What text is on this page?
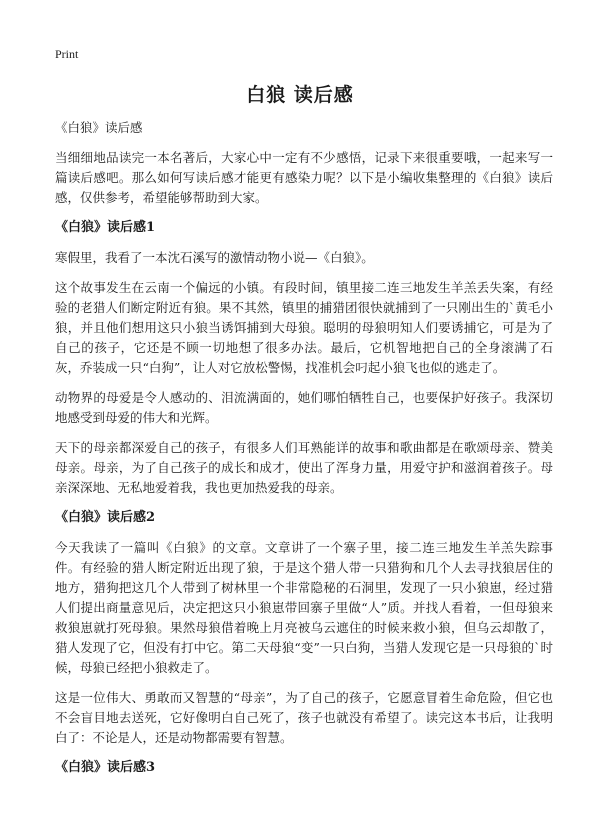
Print
白狼 读后感

《白狼》读后感

当细细地品读完一本名著后，大家心中一定有不少感悟，记录下来很重要哦，一起来写一篇读后感吧。那么如何写读后感才能更有感染力呢？以下是小编收集整理的《白狼》读后感，仅供参考，希望能够帮助到大家。

《白狼》读后感1

寒假里，我看了一本沈石溪写的激情动物小说—《白狼》。

这个故事发生在云南一个偏远的小镇。有段时间，镇里接二连三地发生羊羔丢失案，有经验的老猎人们断定附近有狼。果不其然，镇里的捕猎团很快就捕到了一只刚出生的`黄毛小狼，并且他们想用这只小狼当诱饵捕到大母狼。聪明的母狼明知人们要诱捕它，可是为了自己的孩子，它还是不顾一切地想了很多办法。最后，它机智地把自己的全身滚满了石灰，乔装成一只“白狗”，让人对它放松警惕，找准机会叼起小狼飞也似的逃走了。

动物界的母爱是令人感动的、泪流满面的，她们哪怕牺牲自己，也要保护好孩子。我深切地感受到母爱的伟大和光辉。

天下的母亲都深爱自己的孩子，有很多人们耳熟能详的故事和歌曲都是在歌颂母亲、赞美母亲。母亲，为了自己孩子的成长和成才，使出了浑身力量，用爱守护和滋润着孩子。母亲深深地、无私地爱着我，我也更加热爱我的母亲。

《白狼》读后感2

今天我读了一篇叫《白狼》的文章。文章讲了一个寨子里，接二连三地发生羊羔失踪事件。有经验的猎人断定附近出现了狼，于是这个猎人带一只猎狗和几个人去寻找狼居住的地方，猎狗把这几个人带到了树林里一个非常隐秘的石洞里，发现了一只小狼崽，经过猎人们提出商量意见后，决定把这只小狼崽带回寨子里做“人”质。并找人看着，一但母狼来救狼崽就打死母狼。果然母狼借着晚上月亮被乌云遮住的时候来救小狼，但乌云却散了，猎人发现了它，但没有打中它。第二天母狼“变”一只白狗，当猎人发现它是一只母狼的`时候，母狼已经把小狼救走了。

这是一位伟大、勇敢而又智慧的“母亲”，为了自己的孩子，它愿意冒着生命危险，但它也不会盲目地去送死，它好像明白自己死了，孩子也就没有希望了。读完这本书后，让我明白了：不论是人，还是动物都需要有智慧。

《白狼》读后感3
